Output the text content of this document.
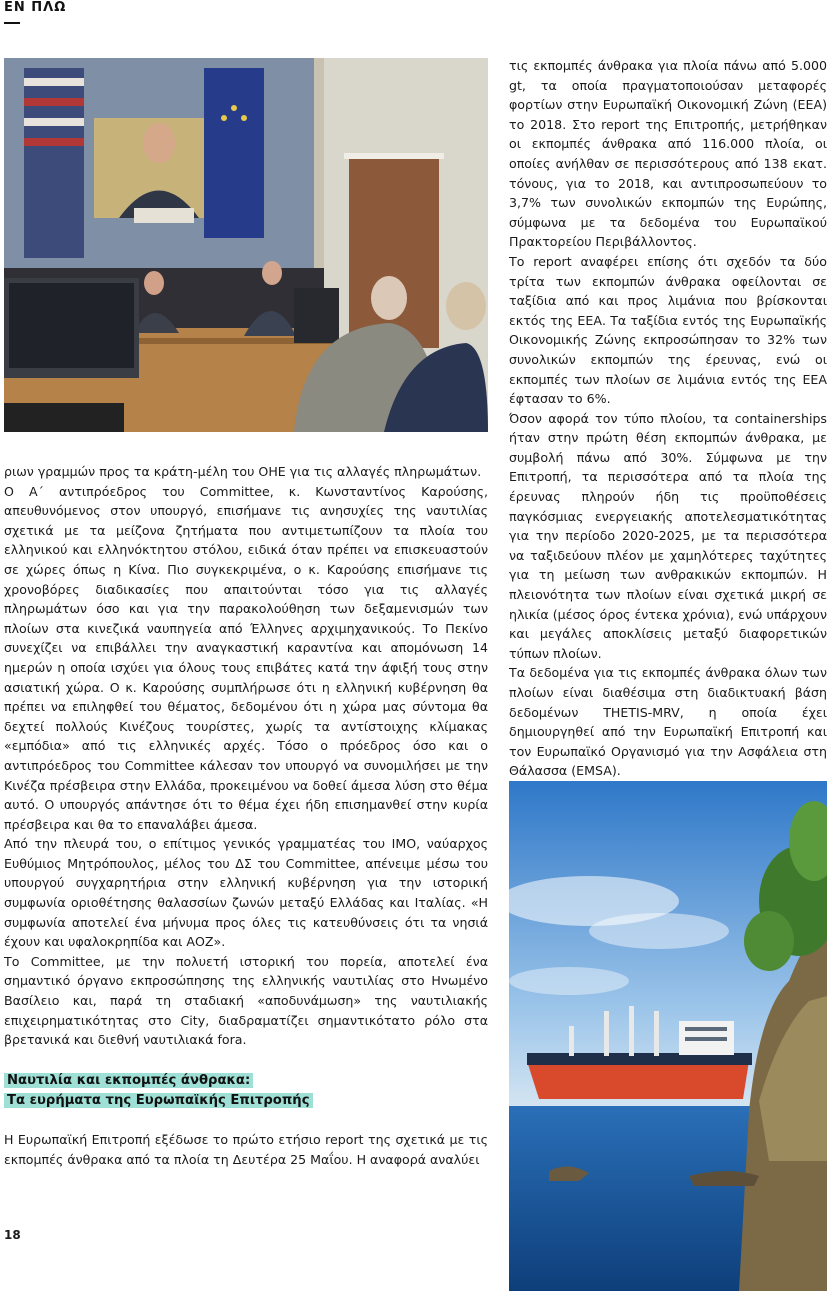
ΕΝ ΠΛΩ

ριων γραμμών προς τα κράτη-μέλη του ΟΗΕ για τις αλλαγές πληρωμάτων.

Ο Α΄ αντιπρόεδρος του Committee, κ. Κωνσταντίνος Καρούσης, απευθυνόμενος στον υπουργό, επισήμανε τις ανησυχίες της ναυτιλίας σχετικά με τα μείζονα ζητήματα που αντιμετωπίζουν τα πλοία του ελληνικού και ελληνόκτητου στόλου, ειδικά όταν πρέπει να επισκευαστούν σε χώρες όπως η Κίνα. Πιο συγκεκριμένα, ο κ. Καρούσης επισήμανε τις χρονοβόρες διαδικασίες που απαιτούνται τόσο για τις αλλαγές πληρωμάτων όσο και για την παρακολούθηση των δεξαμενισμών των πλοίων στα κινεζικά ναυπηγεία από Έλληνες αρχιμηχανικούς. Το Πεκίνο συνεχίζει να επιβάλλει την αναγκαστική καραντίνα και απομόνωση 14 ημερών η οποία ισχύει για όλους τους επιβάτες κατά την άφιξή τους στην ασιατική χώρα. Ο κ. Καρούσης συμπλήρωσε ότι η ελληνική κυβέρνηση θα πρέπει να επιληφθεί του θέματος, δεδομένου ότι η χώρα μας σύντομα θα δεχτεί πολλούς Κινέζους τουρίστες, χωρίς τα αντίστοιχης κλίμακας «εμπόδια» από τις ελληνικές αρχές. Τόσο ο πρόεδρος όσο και ο αντιπρόεδρος του Committee κάλεσαν τον υπουργό να συνομιλήσει με την Κινέζα πρέσβειρα στην Ελλάδα, προκειμένου να δοθεί άμεσα λύση στο θέμα αυτό. Ο υπουργός απάντησε ότι το θέμα έχει ήδη επισημανθεί στην κυρία πρέσβειρα και θα το επαναλάβει άμεσα.

Από την πλευρά του, ο επίτιμος γενικός γραμματέας του ΙΜΟ, ναύαρχος Ευθύμιος Μητρόπουλος, μέλος του ΔΣ του Committee, απένειμε μέσω του υπουργού συγχαρητήρια στην ελληνική κυβέρνηση για την ιστορική συμφωνία οριοθέτησης θαλασσίων ζωνών μεταξύ Ελλάδας και Ιταλίας. «Η συμφωνία αποτελεί ένα μήνυμα προς όλες τις κατευθύνσεις ότι τα νησιά έχουν και υφαλοκρηπίδα και ΑΟΖ».

Το Committee, με την πολυετή ιστορική του πορεία, αποτελεί ένα σημαντικό όργανο εκπροσώπησης της ελληνικής ναυτιλίας στο Ηνωμένο Βασίλειο και, παρά τη σταδιακή «αποδυνάμωση» της ναυτιλιακής επιχειρηματικότητας στο City, διαδραματίζει σημαντικότατο ρόλο στα βρετανικά και διεθνή ναυτιλιακά fora.

Ναυτιλία και εκπομπές άνθρακα:
Τα ευρήματα της Ευρωπαϊκής Επιτροπής

Η Ευρωπαϊκή Επιτροπή εξέδωσε το πρώτο ετήσιο report της σχετικά με τις εκπομπές άνθρακα από τα πλοία τη Δευτέρα 25 Μαΐου. Η αναφορά αναλύει

τις εκπομπές άνθρακα για πλοία πάνω από 5.000 gt, τα οποία πραγματοποιούσαν μεταφορές φορτίων στην Ευρωπαϊκή Οικονομική Ζώνη (ΕΕΑ) το 2018. Στο report της Επιτροπής, μετρήθηκαν οι εκπομπές άνθρακα από 116.000 πλοία, οι οποίες ανήλθαν σε περισσότερους από 138 εκατ. τόνους, για το 2018, και αντιπροσωπεύουν το 3,7% των συνολικών εκπομπών της Ευρώπης, σύμφωνα με τα δεδομένα του Ευρωπαϊκού Πρακτορείου Περιβάλλοντος.

Το report αναφέρει επίσης ότι σχεδόν τα δύο τρίτα των εκπομπών άνθρακα οφείλονται σε ταξίδια από και προς λιμάνια που βρίσκονται εκτός της ΕΕΑ. Τα ταξίδια εντός της Ευρωπαϊκής Οικονομικής Ζώνης εκπροσώπησαν το 32% των συνολικών εκπομπών της έρευνας, ενώ οι εκπομπές των πλοίων σε λιμάνια εντός της ΕΕΑ έφτασαν το 6%.

Όσον αφορά τον τύπο πλοίου, τα containerships ήταν στην πρώτη θέση εκπομπών άνθρακα, με συμβολή πάνω από 30%. Σύμφωνα με την Επιτροπή, τα περισσότερα από τα πλοία της έρευνας πληρούν ήδη τις προϋποθέσεις παγκόσμιας ενεργειακής αποτελεσματικότητας για την περίοδο 2020-2025, με τα περισσότερα να ταξιδεύουν πλέον με χαμηλότερες ταχύτητες για τη μείωση των ανθρακικών εκπομπών. Η πλειονότητα των πλοίων είναι σχετικά μικρή σε ηλικία (μέσος όρος έντεκα χρόνια), ενώ υπάρχουν και μεγάλες αποκλίσεις μεταξύ διαφορετικών τύπων πλοίων.

Τα δεδομένα για τις εκπομπές άνθρακα όλων των πλοίων είναι διαθέσιμα στη διαδικτυακή βάση δεδομένων THETIS-MRV, η οποία έχει δημιουργηθεί από την Ευρωπαϊκή Επιτροπή και τον Ευρωπαϊκό Οργανισμό για την Ασφάλεια στη Θάλασσα (EMSA).

18
